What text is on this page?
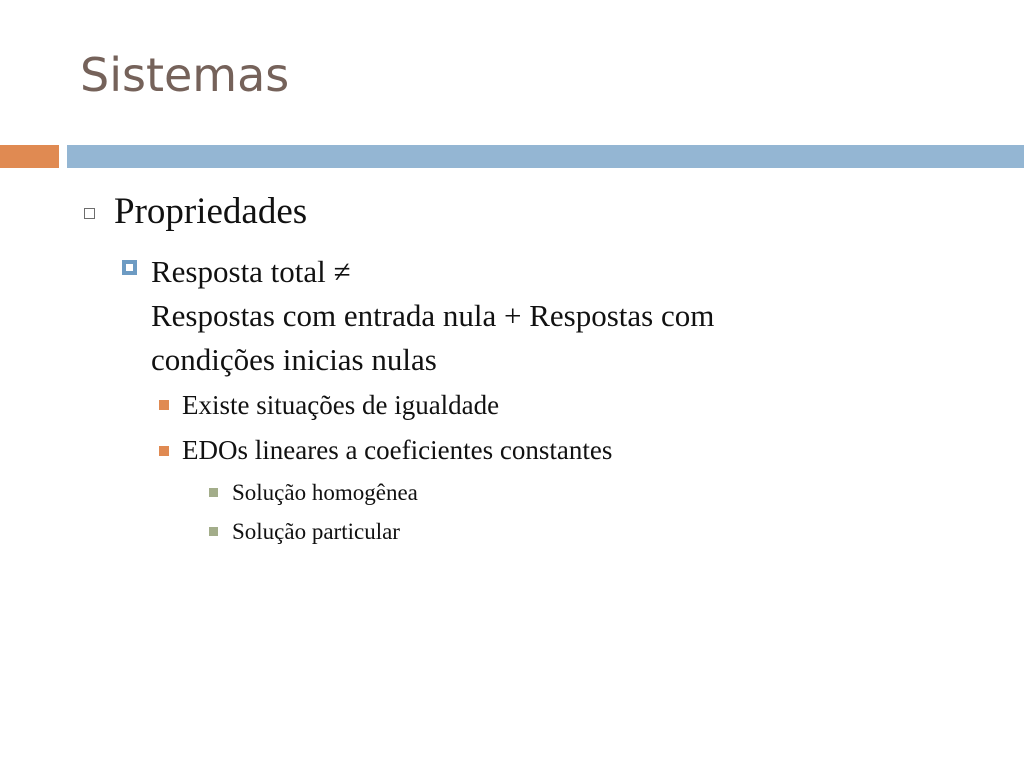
Sistemas
Propriedades
Resposta total ≠
Respostas com entrada nula + Respostas com
condições inicias nulas
Existe situações de igualdade
EDOs lineares a coeficientes constantes
Solução homogênea
Solução particular
